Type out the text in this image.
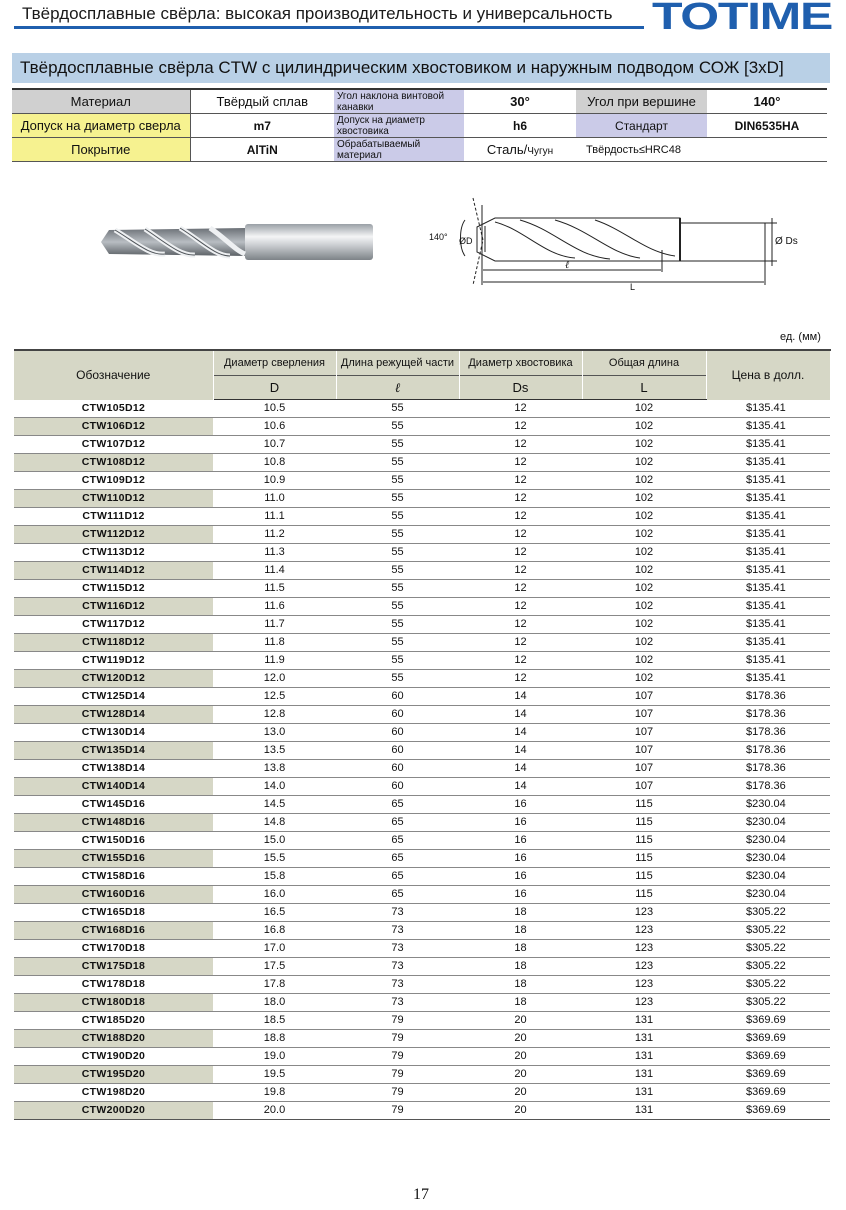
Твёрдосплавные свёрла: высокая производительность и универсальность TOTIME
Твёрдосплавные свёрла CTW с цилиндрическим хвостовиком и наружным подводом СОЖ [3xD]
Материал	Твёрдый сплав	Угол наклона винтовой канавки	30°	Угол при вершине	140°
Допуск на диаметр сверла	m7	Допуск на диаметр хвостовика	h6	Стандарт	DIN6535HA
Покрытие	AlTiN	Обрабатываемый материал	Сталь/Чугун	Твёрдость≤HRC48	
140° ØD	Ø Ds
ℓ
L
ед. (мм)
Обозначение	Диаметр сверления	Длина режущей части	Диаметр хвостовика	Общая длина	Цена в долл.
	D	ℓ	Ds	L	
CTW105D12	10.5	55	12	102	$135.41
CTW106D12	10.6	55	12	102	$135.41
CTW107D12	10.7	55	12	102	$135.41
CTW108D12	10.8	55	12	102	$135.41
CTW109D12	10.9	55	12	102	$135.41
CTW110D12	11.0	55	12	102	$135.41
CTW111D12	11.1	55	12	102	$135.41
CTW112D12	11.2	55	12	102	$135.41
CTW113D12	11.3	55	12	102	$135.41
CTW114D12	11.4	55	12	102	$135.41
CTW115D12	11.5	55	12	102	$135.41
CTW116D12	11.6	55	12	102	$135.41
CTW117D12	11.7	55	12	102	$135.41
CTW118D12	11.8	55	12	102	$135.41
CTW119D12	11.9	55	12	102	$135.41
CTW120D12	12.0	55	12	102	$135.41
CTW125D14	12.5	60	14	107	$178.36
CTW128D14	12.8	60	14	107	$178.36
CTW130D14	13.0	60	14	107	$178.36
CTW135D14	13.5	60	14	107	$178.36
CTW138D14	13.8	60	14	107	$178.36
CTW140D14	14.0	60	14	107	$178.36
CTW145D16	14.5	65	16	115	$230.04
CTW148D16	14.8	65	16	115	$230.04
CTW150D16	15.0	65	16	115	$230.04
CTW155D16	15.5	65	16	115	$230.04
CTW158D16	15.8	65	16	115	$230.04
CTW160D16	16.0	65	16	115	$230.04
CTW165D18	16.5	73	18	123	$305.22
CTW168D16	16.8	73	18	123	$305.22
CTW170D18	17.0	73	18	123	$305.22
CTW175D18	17.5	73	18	123	$305.22
CTW178D18	17.8	73	18	123	$305.22
CTW180D18	18.0	73	18	123	$305.22
CTW185D20	18.5	79	20	131	$369.69
CTW188D20	18.8	79	20	131	$369.69
CTW190D20	19.0	79	20	131	$369.69
CTW195D20	19.5	79	20	131	$369.69
CTW198D20	19.8	79	20	131	$369.69
CTW200D20	20.0	79	20	131	$369.69
17
